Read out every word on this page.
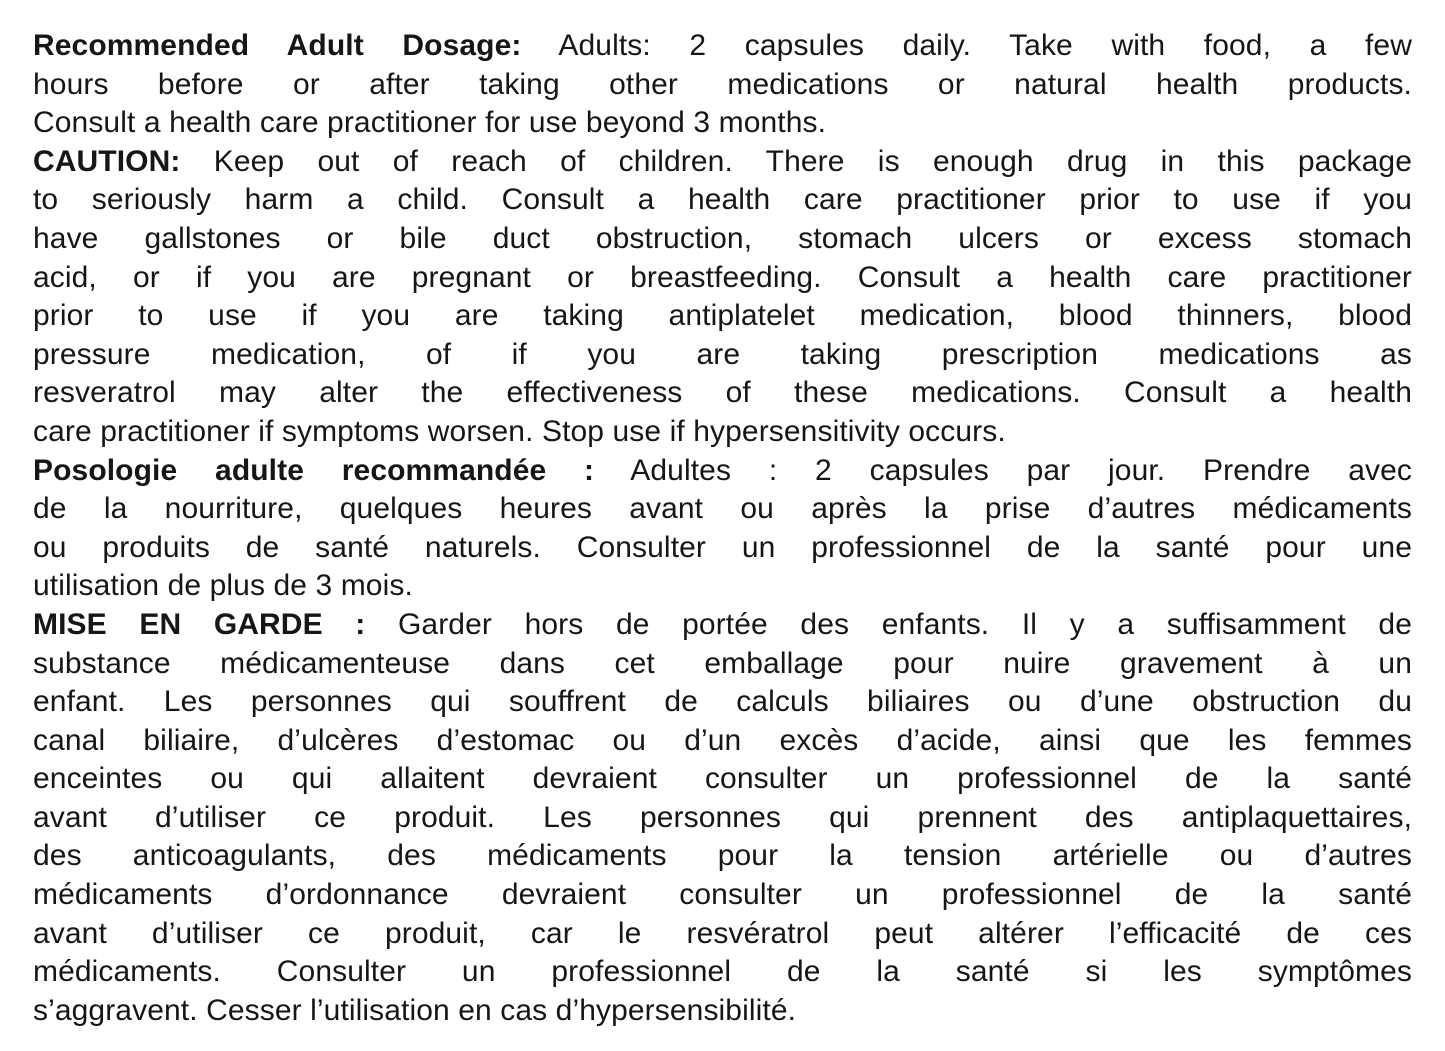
Recommended Adult Dosage: Adults: 2 capsules daily. Take with food, a few
hours before or after taking other medications or natural health products.
Consult a health care practitioner for use beyond 3 months.
CAUTION: Keep out of reach of children. There is enough drug in this package
to seriously harm a child. Consult a health care practitioner prior to use if you
have gallstones or bile duct obstruction, stomach ulcers or excess stomach
acid, or if you are pregnant or breastfeeding. Consult a health care practitioner
prior to use if you are taking antiplatelet medication, blood thinners, blood
pressure medication, of if you are taking prescription medications as
resveratrol may alter the effectiveness of these medications. Consult a health
care practitioner if symptoms worsen. Stop use if hypersensitivity occurs.
Posologie adulte recommandée : Adultes : 2 capsules par jour. Prendre avec
de la nourriture, quelques heures avant ou après la prise d’autres médicaments
ou produits de santé naturels. Consulter un professionnel de la santé pour une
utilisation de plus de 3 mois.
MISE EN GARDE : Garder hors de portée des enfants. Il y a suffisamment de
substance médicamenteuse dans cet emballage pour nuire gravement à un
enfant. Les personnes qui souffrent de calculs biliaires ou d’une obstruction du
canal biliaire, d’ulcères d’estomac ou d’un excès d’acide, ainsi que les femmes
enceintes ou qui allaitent devraient consulter un professionnel de la santé
avant d’utiliser ce produit. Les personnes qui prennent des antiplaquettaires,
des anticoagulants, des médicaments pour la tension artérielle ou d’autres
médicaments d’ordonnance devraient consulter un professionnel de la santé
avant d’utiliser ce produit, car le resvératrol peut altérer l’efficacité de ces
médicaments. Consulter un professionnel de la santé si les symptômes
s’aggravent. Cesser l’utilisation en cas d’hypersensibilité.
